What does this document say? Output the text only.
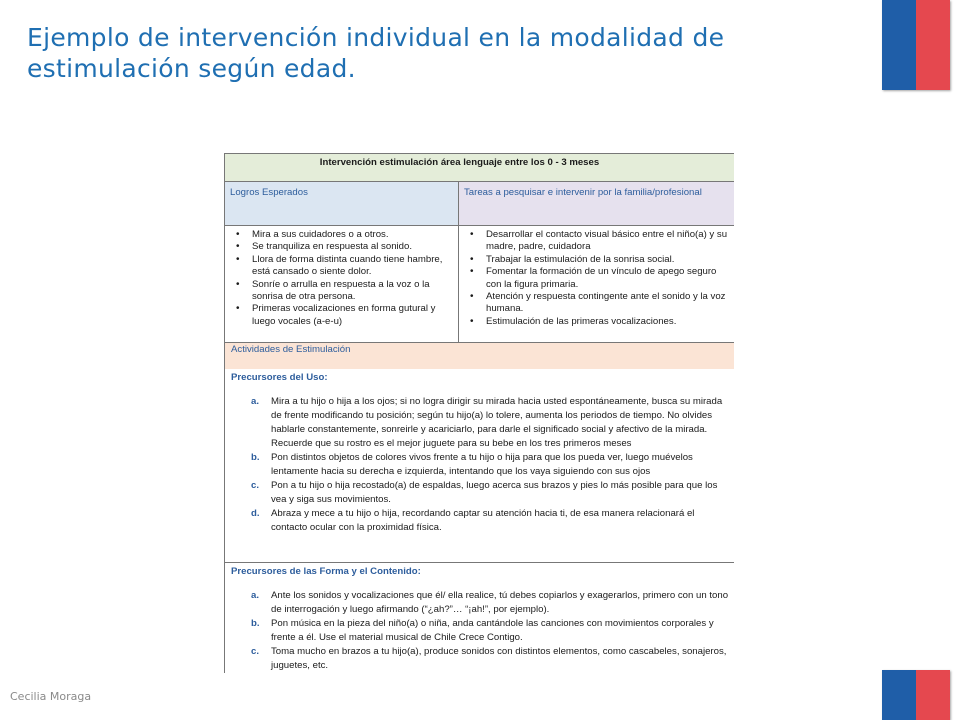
Ejemplo de intervención individual en la modalidad de estimulación según edad.
Cecilia Moraga
Intervención estimulación área lenguaje entre los 0 - 3 meses
Logros Esperados	Tareas a pesquisar e intervenir por la familia/profesional
• Mira a sus cuidadores o a otros.
• Se tranquiliza en respuesta al sonido.
• Llora de forma distinta cuando tiene hambre, está cansado o siente dolor.
• Sonríe o arrulla en respuesta a la voz o la sonrisa de otra persona.
• Primeras vocalizaciones en forma gutural y luego vocales (a-e-u)
• Desarrollar el contacto visual básico entre el niño(a) y su madre, padre, cuidadora
• Trabajar la estimulación de la sonrisa social.
• Fomentar la formación de un vínculo de apego seguro con la figura primaria.
• Atención y respuesta contingente ante el sonido y la voz humana.
• Estimulación de las primeras vocalizaciones.
Actividades de Estimulación
Precursores del Uso:
a. Mira a tu hijo o hija a los ojos; si no logra dirigir su mirada hacia usted espontáneamente, busca su mirada de frente modificando tu posición; según tu hijo(a) lo tolere, aumenta los periodos de tiempo. No olvides hablarle constantemente, sonreirle y acariciarlo, para darle el significado social y afectivo de la mirada. Recuerde que su rostro es el mejor juguete para su bebe en los tres primeros meses
b. Pon distintos objetos de colores vivos frente a tu hijo o hija para que los pueda ver, luego muévelos lentamente hacia su derecha e izquierda, intentando que los vaya siguiendo con sus ojos
c. Pon a tu hijo o hija recostado(a) de espaldas, luego acerca sus brazos y pies lo más posible para que los vea y siga sus movimientos.
d. Abraza y mece a tu hijo o hija, recordando captar su atención hacia ti, de esa manera relacionará el contacto ocular con la proximidad física.
Precursores de las Forma y el Contenido:
a. Ante los sonidos y vocalizaciones que él/ ella realice, tú debes copiarlos y exagerarlos, primero con un tono de interrogación y luego afirmando (“¿ah?”… “¡ah!”, por ejemplo).
b. Pon música en la pieza del niño(a) o niña, anda cantándole las canciones con movimientos corporales y frente a él. Use el material musical de Chile Crece Contigo.
c. Toma mucho en brazos a tu hijo(a), produce sonidos con distintos elementos, como cascabeles, sonajeros, juguetes, etc.
